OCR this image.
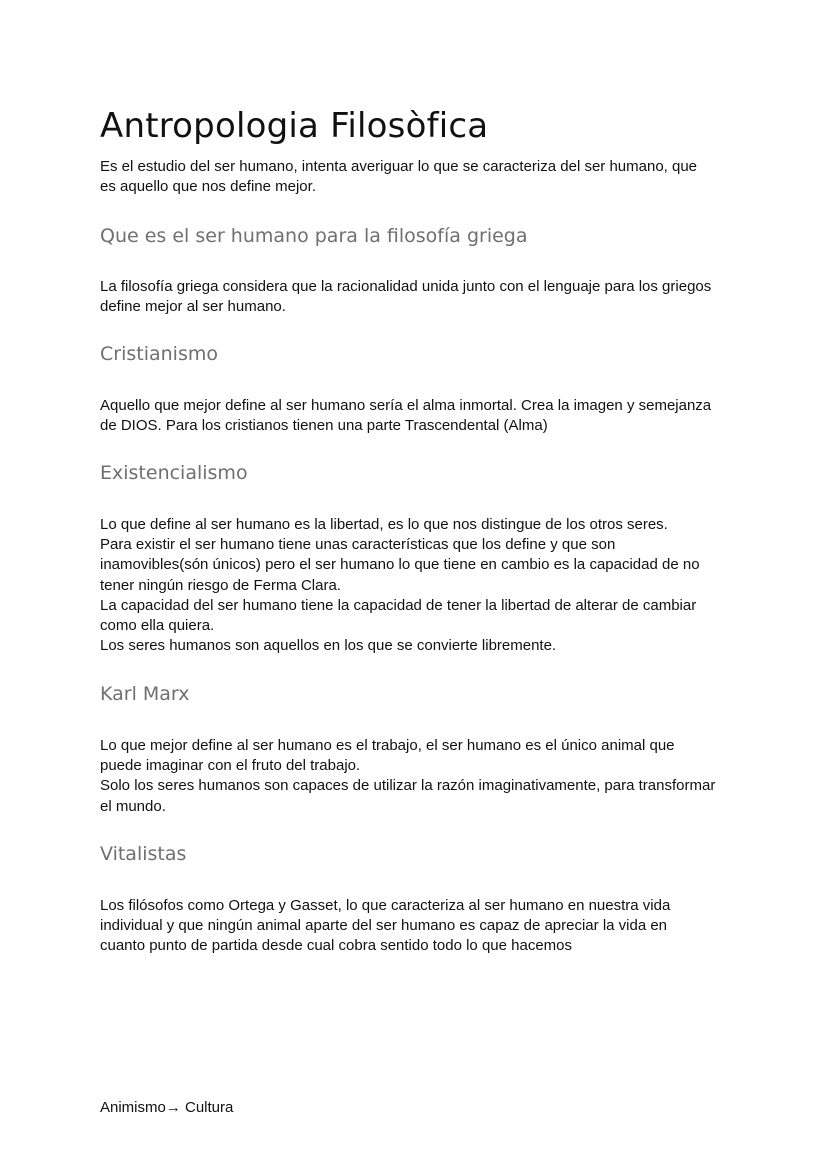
Antropologia Filosòfica

Es el estudio del ser humano, intenta averiguar lo que se caracteriza del ser humano, que
es aquello que nos define mejor.

Que es el ser humano para la filosofía griega

La filosofía griega considera que la racionalidad unida junto con el lenguaje para los griegos
define mejor al ser humano.

Cristianismo

Aquello que mejor define al ser humano sería el alma inmortal. Crea la imagen y semejanza
de DIOS. Para los cristianos tienen una parte Trascendental (Alma)

Existencialismo

Lo que define al ser humano es la libertad, es lo que nos distingue de los otros seres.
Para existir el ser humano tiene unas características que los define y que son
inamovibles(són únicos) pero el ser humano lo que tiene en cambio es la capacidad de no
tener ningún riesgo de Ferma Clara.
La capacidad del ser humano tiene la capacidad de tener la libertad de alterar de cambiar
como ella quiera.
Los seres humanos son aquellos en los que se convierte libremente.

Karl Marx

Lo que mejor define al ser humano es el trabajo, el ser humano es el único animal que
puede imaginar con el fruto del trabajo.
Solo los seres humanos son capaces de utilizar la razón imaginativamente, para transformar
el mundo.

Vitalistas

Los filósofos como Ortega y Gasset, lo que caracteriza al ser humano en nuestra vida
individual y que ningún animal aparte del ser humano es capaz de apreciar la vida en
cuanto punto de partida desde cual cobra sentido todo lo que hacemos

Animismo→ Cultura
